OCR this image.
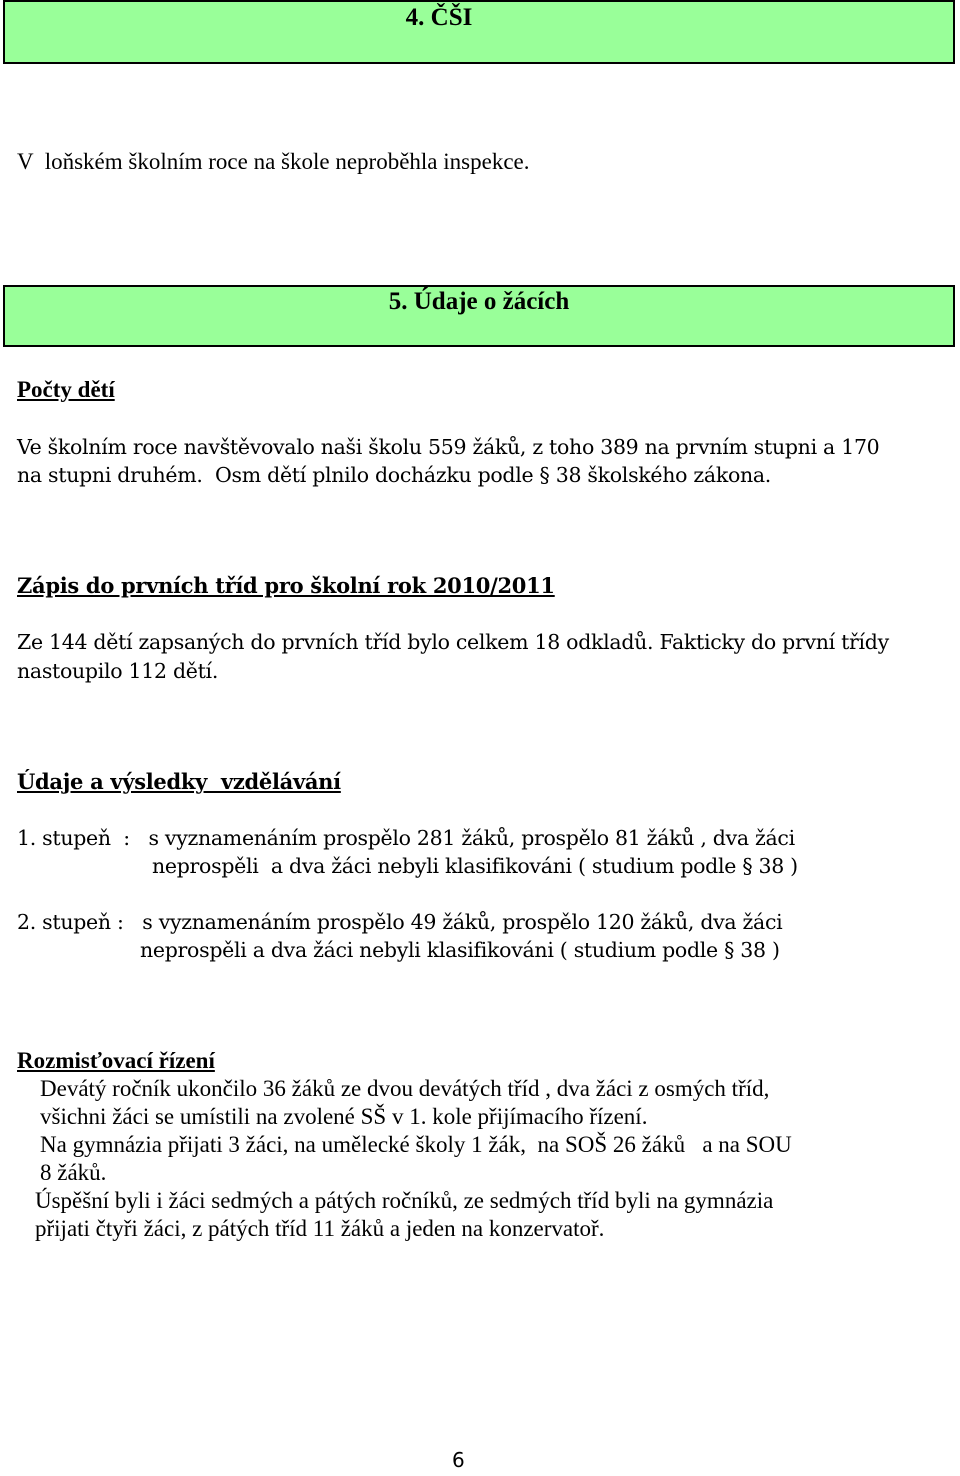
4. ČŠI

V  loňském školním roce na škole neproběhla inspekce.

5. Údaje o žácích

Počty dětí

Ve školním roce navštěvovalo naši školu 559 žáků, z toho 389 na prvním stupni a 170

na stupni druhém.  Osm dětí plnilo docházku podle § 38 školského zákona.

Zápis do prvních tříd pro školní rok 2010/2011

Ze 144 dětí zapsaných do prvních tříd bylo celkem 18 odkladů. Fakticky do první třídy

nastoupilo 112 dětí.

Údaje a výsledky  vzdělávání

1. stupeň  :   s vyznamenáním prospělo 281 žáků, prospělo 81 žáků , dva žáci

neprospěli  a dva žáci nebyli klasifikováni ( studium podle § 38 )

2. stupeň :   s vyznamenáním prospělo 49 žáků, prospělo 120 žáků, dva žáci

neprospěli a dva žáci nebyli klasifikováni ( studium podle § 38 )

Rozmisťovací řízení

Devátý ročník ukončilo 36 žáků ze dvou devátých tříd , dva žáci z osmých tříd,

všichni žáci se umístili na zvolené SŠ v 1. kole přijímacího řízení.

Na gymnázia přijati 3 žáci, na umělecké školy 1 žák,  na SOŠ 26 žáků   a na SOU

8 žáků.

Úspěšní byli i žáci sedmých a pátých ročníků, ze sedmých tříd byli na gymnázia

přijati čtyři žáci, z pátých tříd 11 žáků a jeden na konzervatoř.

6
